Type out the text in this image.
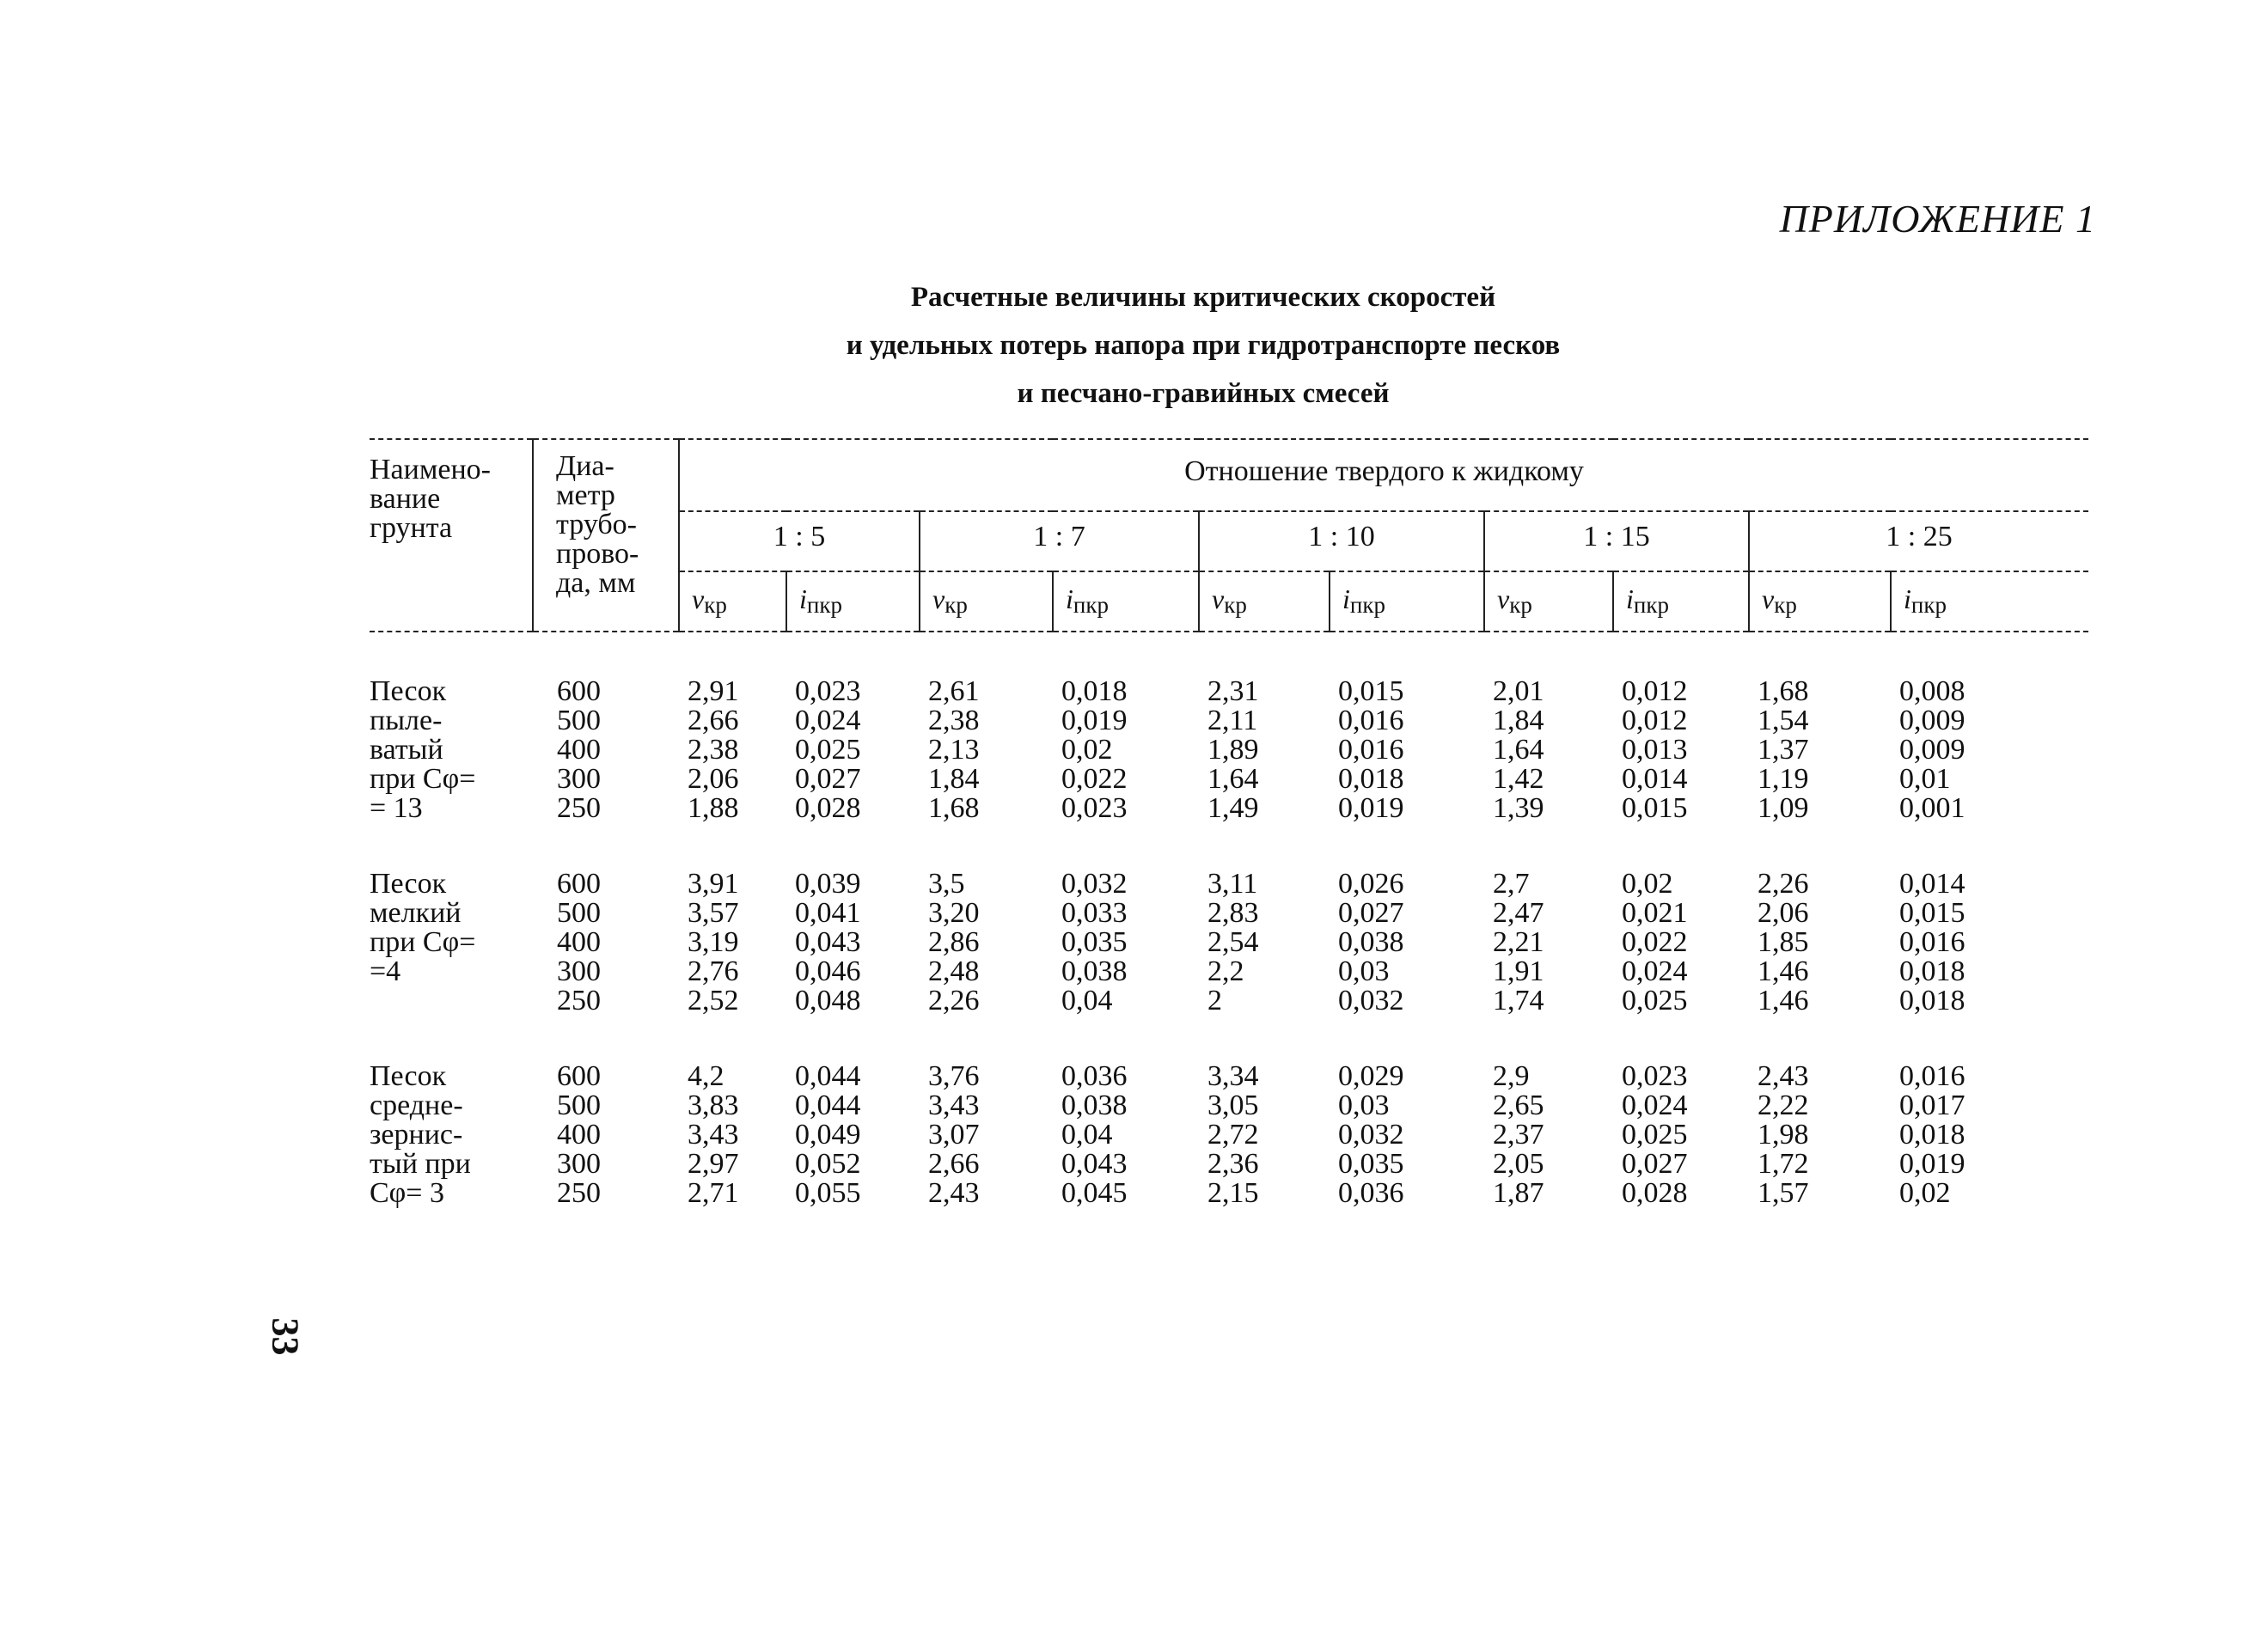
ПРИЛОЖЕНИЕ 1
Расчетные величины критических скоростей
и удельных потерь напора при гидротранспорте песков
и песчано-гравийных смесей
33
Наимено-
вание
грунта	Диа-
метр
трубо-
прово-
да, мм	Отношение твердого к жидкому									
		1 : 5		1 : 7		1 : 10		1 : 15		1 : 25	
		vкр	iпкр	vкр	iпкр	vкр	iпкр	vкр	iпкр	vкр	iпкр

Песок
пыле-
ватый
при Cφ=
= 13	600	2,91	0,023	2,61	0,018	2,31	0,015	2,01	0,012	1,68	0,008
	500	2,66	0,024	2,38	0,019	2,11	0,016	1,84	0,012	1,54	0,009
	400	2,38	0,025	2,13	0,02	1,89	0,016	1,64	0,013	1,37	0,009
	300	2,06	0,027	1,84	0,022	1,64	0,018	1,42	0,014	1,19	0,01
	250	1,88	0,028	1,68	0,023	1,49	0,019	1,39	0,015	1,09	0,001

Песок
мелкий
при Cφ=
=4	600	3,91	0,039	3,5	0,032	3,11	0,026	2,7	0,02	2,26	0,014
	500	3,57	0,041	3,20	0,033	2,83	0,027	2,47	0,021	2,06	0,015
	400	3,19	0,043	2,86	0,035	2,54	0,038	2,21	0,022	1,85	0,016
	300	2,76	0,046	2,48	0,038	2,2	0,03	1,91	0,024	1,46	0,018
	250	2,52	0,048	2,26	0,04	2	0,032	1,74	0,025	1,46	0,018

Песок
средне-
зернис-
тый при
Cφ= 3	600	4,2	0,044	3,76	0,036	3,34	0,029	2,9	0,023	2,43	0,016
	500	3,83	0,044	3,43	0,038	3,05	0,03	2,65	0,024	2,22	0,017
	400	3,43	0,049	3,07	0,04	2,72	0,032	2,37	0,025	1,98	0,018
	300	2,97	0,052	2,66	0,043	2,36	0,035	2,05	0,027	1,72	0,019
	250	2,71	0,055	2,43	0,045	2,15	0,036	1,87	0,028	1,57	0,02
